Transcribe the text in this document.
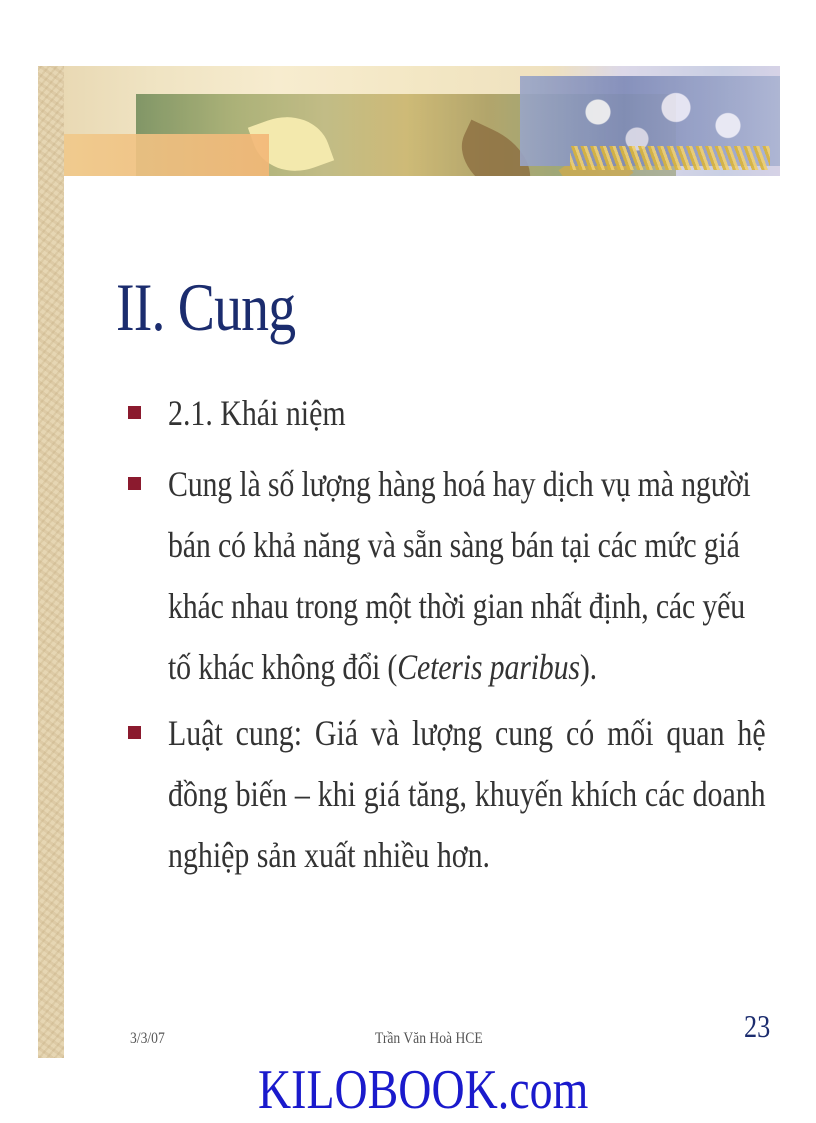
II. Cung
2.1. Khái niệm
Cung là số lượng hàng hoá hay dịch vụ mà người bán có khả năng và sẵn sàng bán tại các mức giá khác nhau trong một thời gian nhất định, các yếu tố khác không đổi (Ceteris paribus).
Luật cung: Giá và lượng cung có mối quan hệ đồng biến – khi giá tăng, khuyến khích các doanh nghiệp sản xuất nhiều hơn.
3/3/07	Trần Văn Hoà HCE	23
KILOBOOK.com
